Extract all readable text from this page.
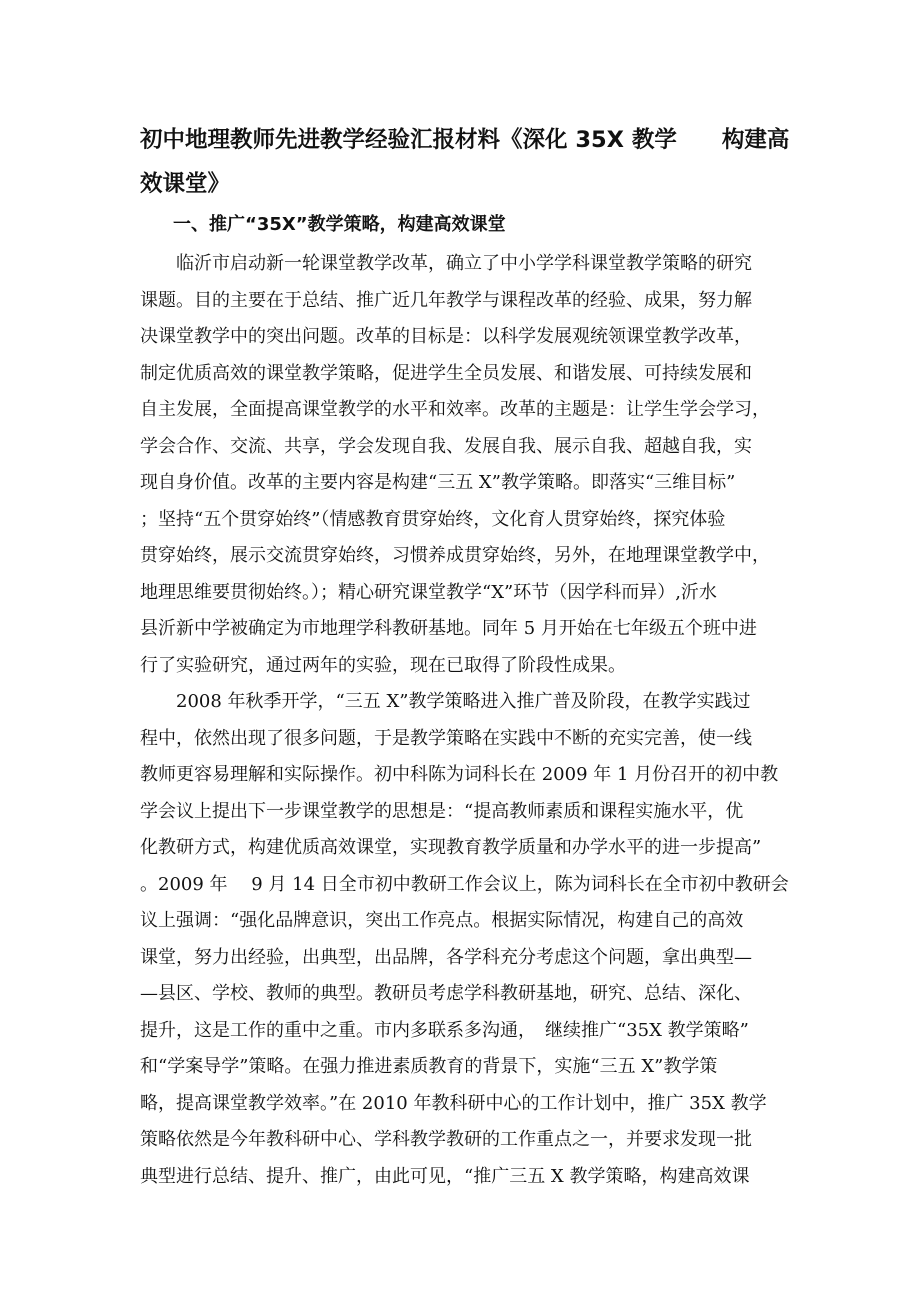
初中地理教师先进教学经验汇报材料《深化 35X 教学　　构建高
效课堂》
一、推广“35X”教学策略，构建高效课堂
临沂市启动新一轮课堂教学改革，确立了中小学学科课堂教学策略的研究
课题。目的主要在于总结、推广近几年教学与课程改革的经验、成果，努力解
决课堂教学中的突出问题。改革的目标是：以科学发展观统领课堂教学改革，
制定优质高效的课堂教学策略，促进学生全员发展、和谐发展、可持续发展和
自主发展，全面提高课堂教学的水平和效率。改革的主题是：让学生学会学习，
学会合作、交流、共享，学会发现自我、发展自我、展示自我、超越自我，实
现自身价值。改革的主要内容是构建“三五 X”教学策略。即落实“三维目标”
；坚持“五个贯穿始终”（情感教育贯穿始终，文化育人贯穿始终，探究体验
贯穿始终，展示交流贯穿始终，习惯养成贯穿始终，另外，在地理课堂教学中，
地理思维要贯彻始终。）；精心研究课堂教学“X”环节（因学科而异）,沂水
县沂新中学被确定为市地理学科教研基地。同年 5 月开始在七年级五个班中进
行了实验研究，通过两年的实验，现在已取得了阶段性成果。
2008 年秋季开学，“三五 X”教学策略进入推广普及阶段，在教学实践过
程中，依然出现了很多问题，于是教学策略在实践中不断的充实完善，使一线
教师更容易理解和实际操作。初中科陈为词科长在 2009 年 1 月份召开的初中教
学会议上提出下一步课堂教学的思想是：“提高教师素质和课程实施水平，优
化教研方式，构建优质高效课堂，实现教育教学质量和办学水平的进一步提高”
。2009 年　 9 月 14 日全市初中教研工作会议上，陈为词科长在全市初中教研会
议上强调：“强化品牌意识，突出工作亮点。根据实际情况，构建自己的高效
课堂，努力出经验，出典型，出品牌，各学科充分考虑这个问题，拿出典型—
—县区、学校、教师的典型。教研员考虑学科教研基地，研究、总结、深化、
提升，这是工作的重中之重。市内多联系多沟通，　继续推广“35X 教学策略”
和“学案导学”策略。在强力推进素质教育的背景下，实施“三五 X”教学策
略，提高课堂教学效率。”在 2010 年教科研中心的工作计划中，推广 35X 教学
策略依然是今年教科研中心、学科教学教研的工作重点之一，并要求发现一批
典型进行总结、提升、推广，由此可见，“推广三五 X 教学策略，构建高效课
